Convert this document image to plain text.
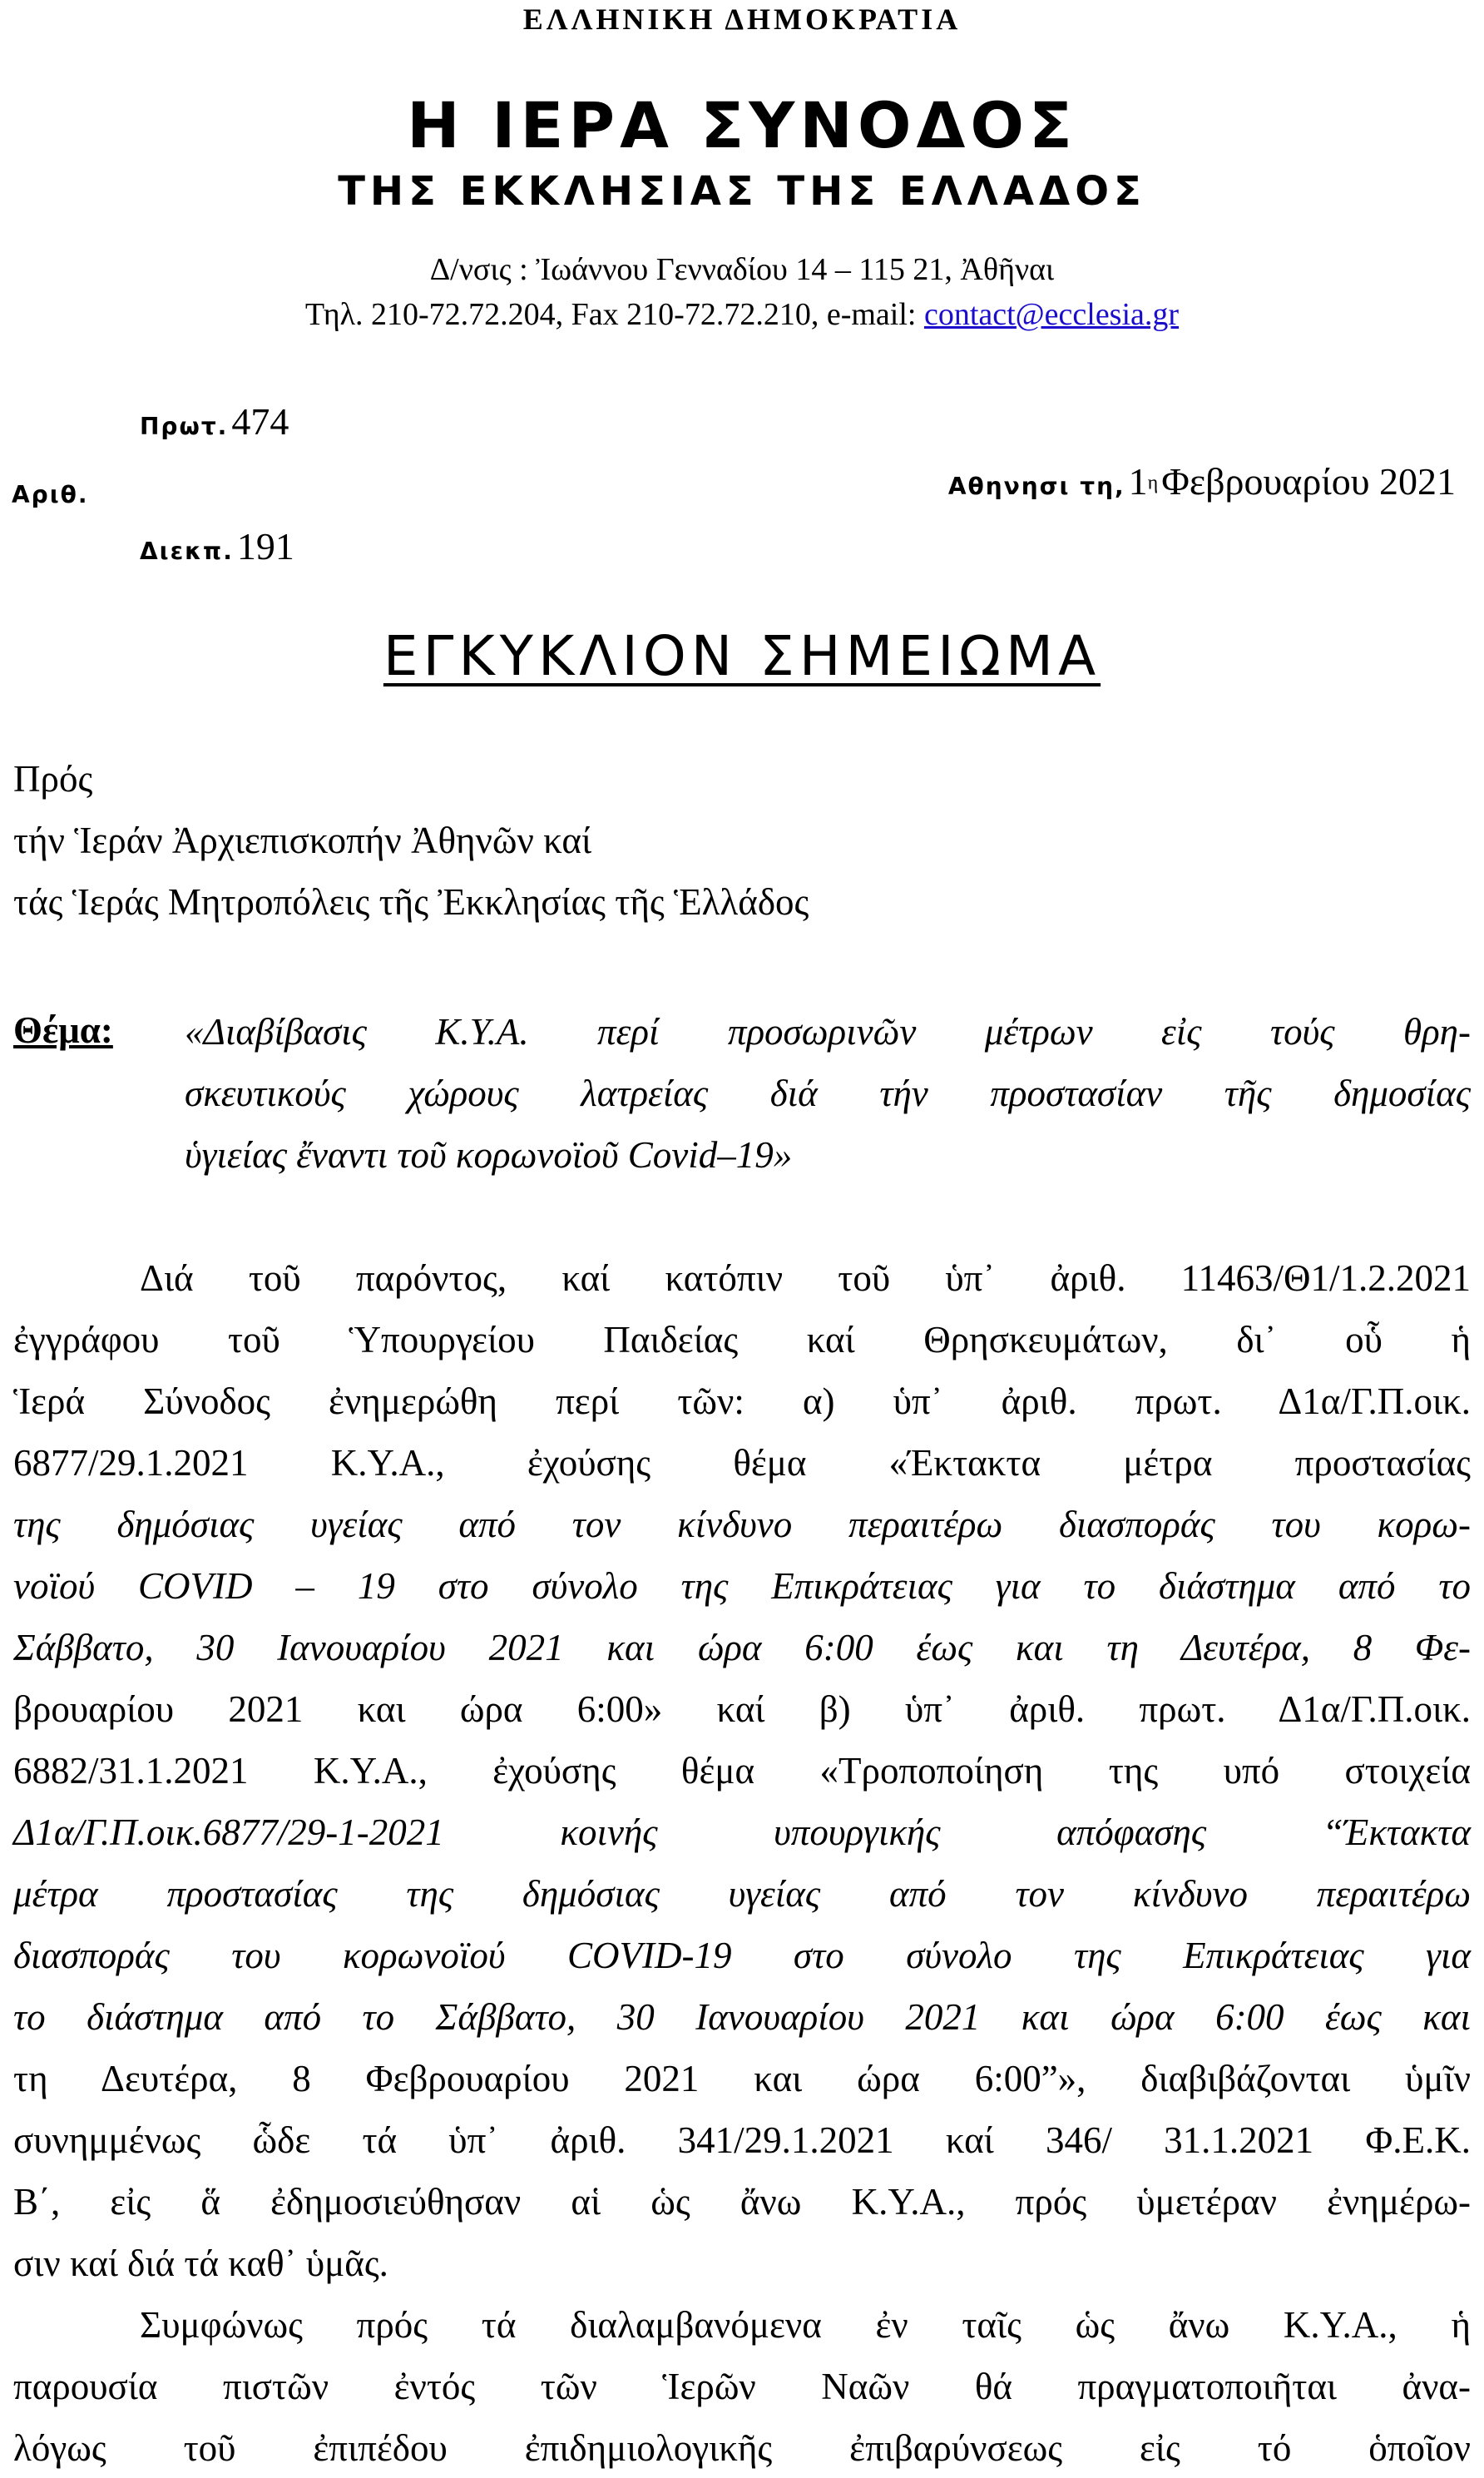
ΕΛΛΗΝΙΚΗ ΔΗΜΟΚΡΑΤΙΑ
Η ΙΕΡΑ ΣΥΝΟΔΟΣ
ΤΗΣ ΕΚΚΛΗΣΙΑΣ ΤΗΣ ΕΛΛΑΔΟΣ
Δ/νσις : Ἰωάννου Γενναδίου 14 – 115 21, Ἀθῆναι
Τηλ. 210-72.72.204, Fax 210-72.72.210, e-mail: contact@ecclesia.gr
Πρωτ. 474
Αριθ.	Αθηνησι τη, $1^\eta$ Φεβρουαρίου 2021
Διεκπ. 191
ΕΓΚΥΚΛΙΟΝ ΣΗΜΕΙΩΜΑ
Πρός
τήν Ἱεράν Ἀρχιεπισκοπήν Ἀθηνῶν καί
τάς Ἱεράς Μητροπόλεις τῆς Ἐκκλησίας τῆς Ἑλλάδος
Θέμα: «Διαβίβασις Κ.Υ.Α. περί προσωρινῶν μέτρων εἰς τούς θρη-
σκευτικούς χώρους λατρείας διά τήν προστασίαν τῆς δημοσίας
ὑγιείας ἔναντι τοῦ κορωνοϊοῦ Covid–19»
Διά τοῦ παρόντος, καί κατόπιν τοῦ ὑπ᾽ ἀριθ. 11463/Θ1/1.2.2021
ἐγγράφου τοῦ Ὑπουργείου Παιδείας καί Θρησκευμάτων, δι᾽ οὗ ἡ
Ἱερά Σύνοδος ἐνημερώθη περί τῶν: α) ὑπ᾽ ἀριθ. πρωτ. Δ1α/Γ.Π.οικ.
6877/29.1.2021 Κ.Υ.Α., ἐχούσης θέμα «Έκτακτα μέτρα προστασίας
της δημόσιας υγείας από τον κίνδυνο περαιτέρω διασποράς του κορω-
νοϊού COVID – 19 στο σύνολο της Επικράτειας για το διάστημα από το
Σάββατο, 30 Ιανουαρίου 2021 και ώρα 6:00 έως και τη Δευτέρα, 8 Φε-
βρουαρίου 2021 και ώρα 6:00» καί β) ὑπ᾽ ἀριθ. πρωτ. Δ1α/Γ.Π.οικ.
6882/31.1.2021 Κ.Υ.Α., ἐχούσης θέμα «Τροποποίηση της υπό στοιχεία
Δ1α/Γ.Π.οικ.6877/29-1-2021 κοινής υπουργικής απόφασης “Έκτακτα
μέτρα προστασίας της δημόσιας υγείας από τον κίνδυνο περαιτέρω
διασποράς του κορωνοϊού COVID-19 στο σύνολο της Επικράτειας για
το διάστημα από το Σάββατο, 30 Ιανουαρίου 2021 και ώρα 6:00 έως και
τη Δευτέρα, 8 Φεβρουαρίου 2021 και ώρα 6:00”», διαβιβάζονται ὑμῖν
συνημμένως ὧδε τά ὑπ᾽ ἀριθ. 341/29.1.2021 καί 346/ 31.1.2021 Φ.Ε.Κ.
Β΄, εἰς ἅ ἐδημοσιεύθησαν αἱ ὡς ἄνω Κ.Υ.Α., πρός ὑμετέραν ἐνημέρω-
σιν καί διά τά καθ᾽ ὑμᾶς.
Συμφώνως πρός τά διαλαμβανόμενα ἐν ταῖς ὡς ἄνω Κ.Υ.Α., ἡ
παρουσία πιστῶν ἐντός τῶν Ἱερῶν Ναῶν θά πραγματοποιῆται ἀνα-
λόγως τοῦ ἐπιπέδου ἐπιδημιολογικῆς ἐπιβαρύνσεως εἰς τό ὁποῖον
